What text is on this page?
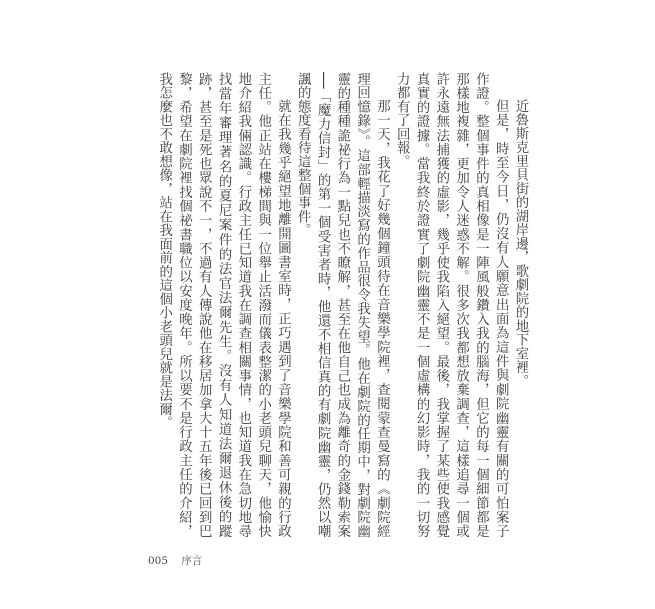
近魯斯克里貝街的湖岸邊，歌劇院的地下室裡。

但是，時至今日，仍沒有人願意出面為這件與劇院幽靈有關的可怕案子作證。整個事件的真相像是一陣風般鑽入我的腦海，但它的每一個細節都是那樣地複雜，更加令人迷惑不解。很多次我都想放棄調查，這樣追尋一個或許永遠無法捕獲的虛影，幾乎使我陷入絕望。最後，我掌握了某些使我感覺真實的證據。當我終於證實了劇院幽靈不是一個虛構的幻影時，我的一切努力都有了回報。

那一天，我花了好幾個鐘頭待在音樂學院裡，查閱蒙查曼寫的《劇院經理回憶錄》。這部輕描淡寫的作品很令我失望。他在劇院的任期中，對劇院幽靈的種種詭祕行為一點兒也不瞭解，甚至在他自己也成為離奇的金錢勒索案──「魔力信封」的第一個受害者時，他還不相信真的有劇院幽靈，仍然以嘲諷的態度看待這整個事件。

就在我幾乎絕望地離開圖書室時，正巧遇到了音樂學院和善可親的行政主任。他正站在樓梯間與一位舉止活潑而儀表整潔的小老頭兒聊天，他愉快地介紹我倆認識。行政主任已知道我在調查相關事情，也知道我在急切地尋找當年審理著名的夏尼案件的法官法爾先生。沒有人知道法爾退休後的蹤跡，甚至是死也眾說不一，不過有人傳說他在移居加拿大十五年後已回到巴黎，希望在劇院裡找個祕書職位以安度晚年。所以要不是行政主任的介紹，我怎麼也不敢想像，站在我面前的這個小老頭兒就是法爾。

005 序言
